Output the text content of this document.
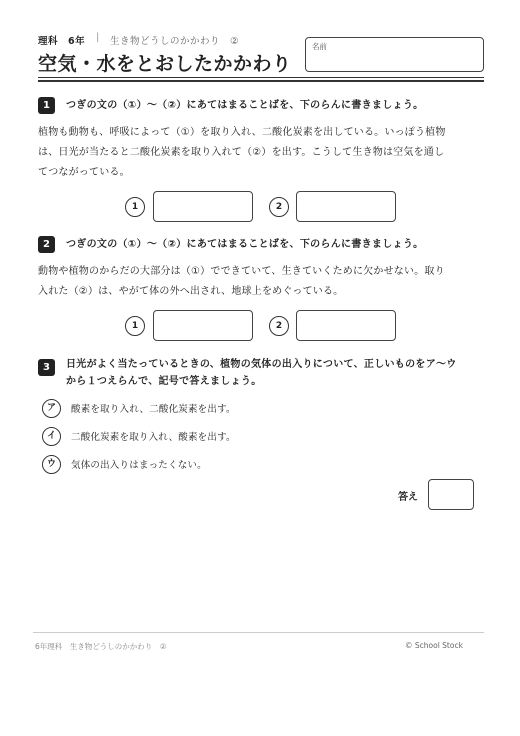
理科　6年 | 生き物どうしのかかわり　②
空気・水をとおしたかかわり
名前
1	つぎの文の（①）～（②）にあてはまることばを、下のらんに書きましょう。
植物も動物も、呼吸によって（①）を取り入れ、二酸化炭素を出している。いっぽう植物
は、日光が当たると二酸化炭素を取り入れて（②）を出す。こうして生き物は空気を通し
てつながっている。
1	2
2	つぎの文の（①）～（②）にあてはまることばを、下のらんに書きましょう。
動物や植物のからだの大部分は（①）でできていて、生きていくために欠かせない。取り
入れた（②）は、やがて体の外へ出され、地球上をめぐっている。
1	2
3	日光がよく当たっているときの、植物の気体の出入りについて、正しいものをア～ウ
から１つえらんで、記号で答えましょう。
ア	酸素を取り入れ、二酸化炭素を出す。
イ	二酸化炭素を取り入れ、酸素を出す。
ウ	気体の出入りはまったくない。
答え
6年理科　生き物どうしのかかわり　②	© School Stock
